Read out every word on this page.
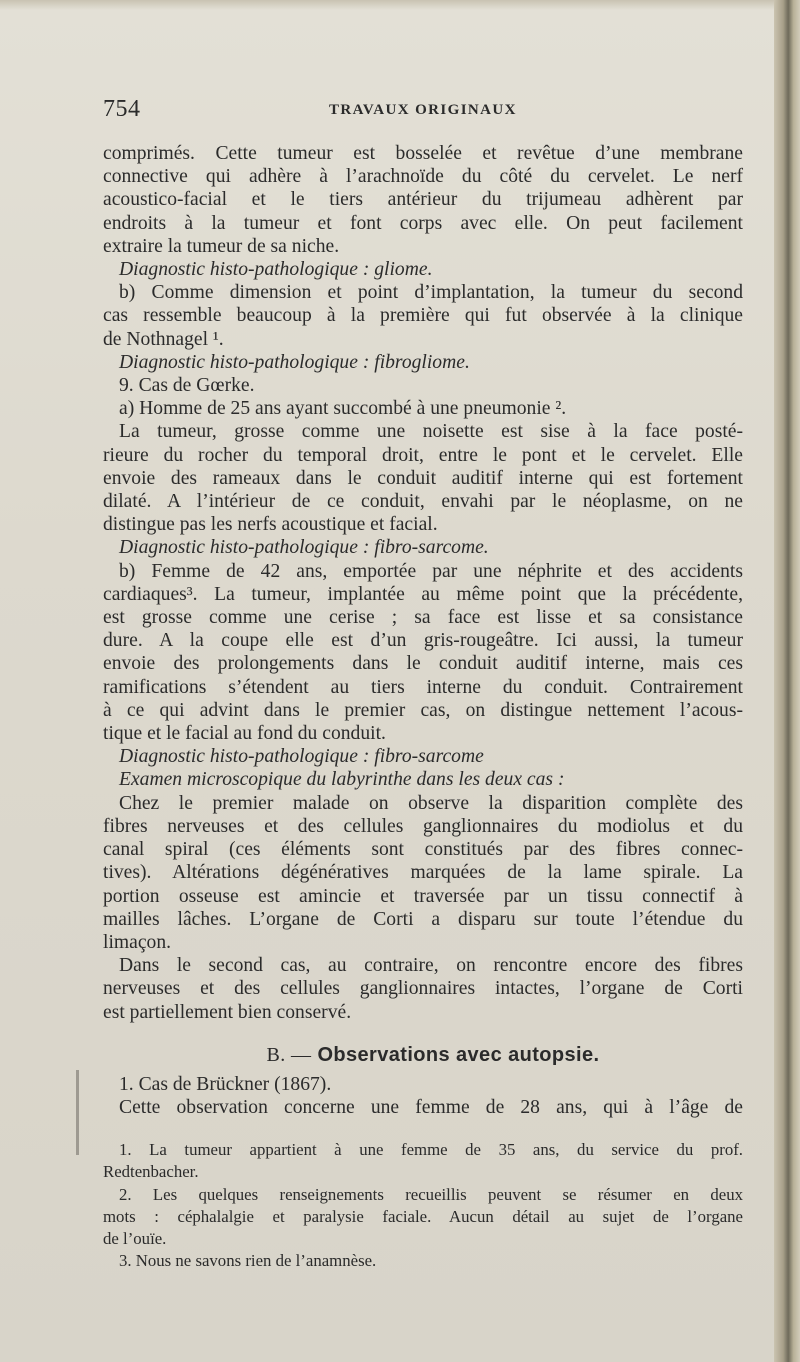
754	TRAVAUX ORIGINAUX
comprimés. Cette tumeur est bosselée et revêtue d’une membrane
connective qui adhère à l’arachnoïde du côté du cervelet. Le nerf
acoustico-facial et le tiers antérieur du trijumeau adhèrent par
endroits à la tumeur et font corps avec elle. On peut facilement
extraire la tumeur de sa niche.
Diagnostic histo-pathologique : gliome.
b) Comme dimension et point d’implantation, la tumeur du second
cas ressemble beaucoup à la première qui fut observée à la clinique
de Nothnagel ¹.
Diagnostic histo-pathologique : fibrogliome.
9. Cas de Gœrke.
a) Homme de 25 ans ayant succombé à une pneumonie ².
La tumeur, grosse comme une noisette est sise à la face posté-
rieure du rocher du temporal droit, entre le pont et le cervelet. Elle
envoie des rameaux dans le conduit auditif interne qui est fortement
dilaté. A l’intérieur de ce conduit, envahi par le néoplasme, on ne
distingue pas les nerfs acoustique et facial.
Diagnostic histo-pathologique : fibro-sarcome.
b) Femme de 42 ans, emportée par une néphrite et des accidents
cardiaques³. La tumeur, implantée au même point que la précédente,
est grosse comme une cerise ; sa face est lisse et sa consistance
dure. A la coupe elle est d’un gris-rougeâtre. Ici aussi, la tumeur
envoie des prolongements dans le conduit auditif interne, mais ces
ramifications s’étendent au tiers interne du conduit. Contrairement
à ce qui advint dans le premier cas, on distingue nettement l’acous-
tique et le facial au fond du conduit.
Diagnostic histo-pathologique : fibro-sarcome
Examen microscopique du labyrinthe dans les deux cas :
Chez le premier malade on observe la disparition complète des
fibres nerveuses et des cellules ganglionnaires du modiolus et du
canal spiral (ces éléments sont constitués par des fibres connec-
tives). Altérations dégénératives marquées de la lame spirale. La
portion osseuse est amincie et traversée par un tissu connectif à
mailles lâches. L’organe de Corti a disparu sur toute l’étendue du
limaçon.
Dans le second cas, au contraire, on rencontre encore des fibres
nerveuses et des cellules ganglionnaires intactes, l’organe de Corti
est partiellement bien conservé.
B. — Observations avec autopsie.
1. Cas de Brückner (1867).
Cette observation concerne une femme de 28 ans, qui à l’âge de
1. La tumeur appartient à une femme de 35 ans, du service du prof.
Redtenbacher.
2. Les quelques renseignements recueillis peuvent se résumer en deux
mots : céphalalgie et paralysie faciale. Aucun détail au sujet de l’organe
de l’ouïe.
3. Nous ne savons rien de l’anamnèse.
